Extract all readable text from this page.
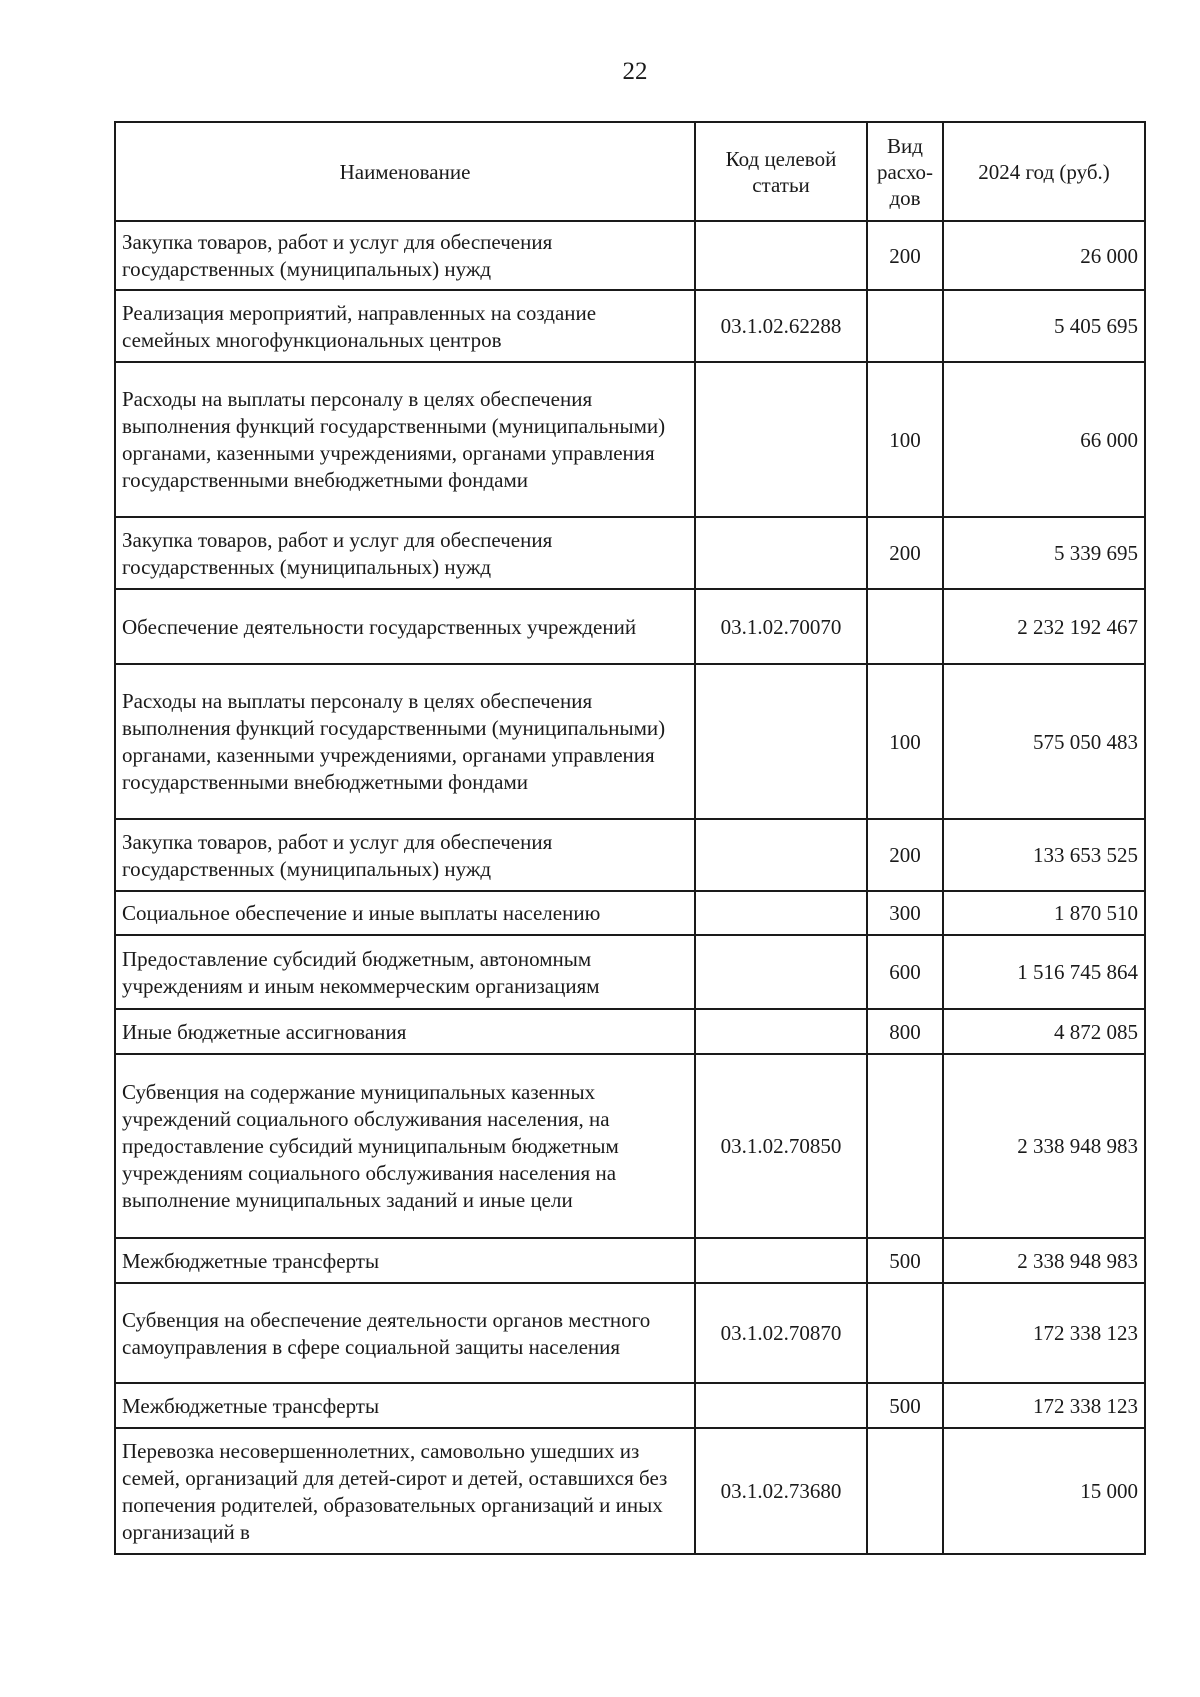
22
Наименование	Код целевой статьи	Вид расхо-дов	2024 год (руб.)
Закупка товаров, работ и услуг для обеспечения государственных (муниципальных) нужд		200	26 000
Реализация мероприятий, направленных на создание семейных многофункциональных центров	03.1.02.62288		5 405 695
Расходы на выплаты персоналу в целях обеспечения выполнения функций государственными (муниципальными) органами, казенными учреждениями, органами управления государственными внебюджетными фондами		100	66 000
Закупка товаров, работ и услуг для обеспечения государственных (муниципальных) нужд		200	5 339 695
Обеспечение деятельности государственных учреждений	03.1.02.70070		2 232 192 467
Расходы на выплаты персоналу в целях обеспечения выполнения функций государственными (муниципальными) органами, казенными учреждениями, органами управления государственными внебюджетными фондами		100	575 050 483
Закупка товаров, работ и услуг для обеспечения государственных (муниципальных) нужд		200	133 653 525
Социальное обеспечение и иные выплаты населению		300	1 870 510
Предоставление субсидий бюджетным, автономным учреждениям и иным некоммерческим организациям		600	1 516 745 864
Иные бюджетные ассигнования		800	4 872 085
Субвенция на содержание муниципальных казенных учреждений социального обслуживания населения, на предоставление субсидий муниципальным бюджетным учреждениям социального обслуживания населения на выполнение муниципальных заданий и иные цели	03.1.02.70850		2 338 948 983
Межбюджетные трансферты		500	2 338 948 983
Субвенция на обеспечение деятельности органов местного самоуправления в сфере социальной защиты населения	03.1.02.70870		172 338 123
Межбюджетные трансферты		500	172 338 123
Перевозка несовершеннолетних, самовольно ушедших из семей, организаций для детей-сирот и детей, оставшихся без попечения родителей, образовательных организаций и иных организаций в	03.1.02.73680		15 000
